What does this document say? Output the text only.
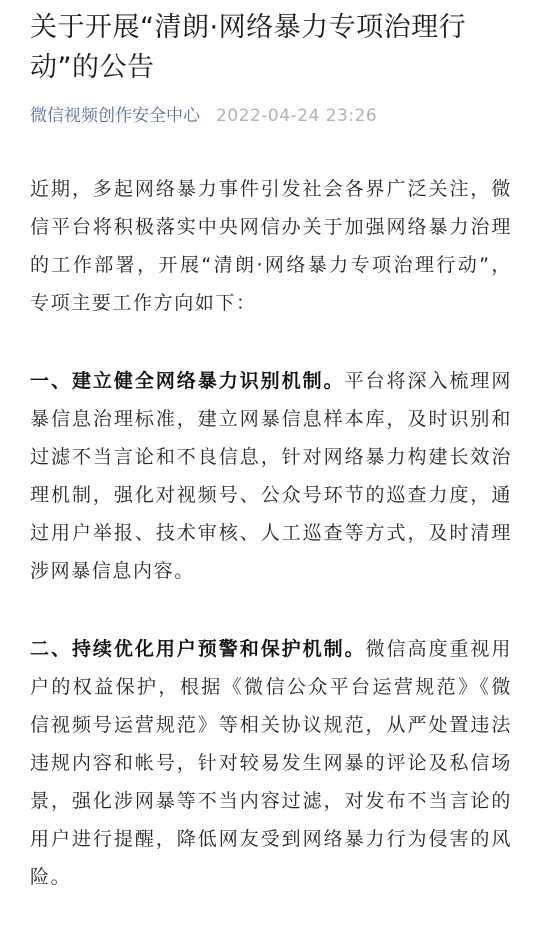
关于开展“清朗·网络暴力专项治理行动”的公告
微信视频创作安全中心 2022-04-24 23:26

近期，多起网络暴力事件引发社会各界广泛关注，微信平台将积极落实中央网信办关于加强网络暴力治理的工作部署，开展“清朗·网络暴力专项治理行动”，专项主要工作方向如下：

一、建立健全网络暴力识别机制。平台将深入梳理网暴信息治理标准，建立网暴信息样本库，及时识别和过滤不当言论和不良信息，针对网络暴力构建长效治理机制，强化对视频号、公众号环节的巡查力度，通过用户举报、技术审核、人工巡查等方式，及时清理涉网暴信息内容。

二、持续优化用户预警和保护机制。微信高度重视用户的权益保护，根据《微信公众平台运营规范》《微信视频号运营规范》等相关协议规范，从严处置违法违规内容和帐号，针对较易发生网暴的评论及私信场景，强化涉网暴等不当内容过滤，对发布不当言论的用户进行提醒，降低网友受到网络暴力行为侵害的风险。
